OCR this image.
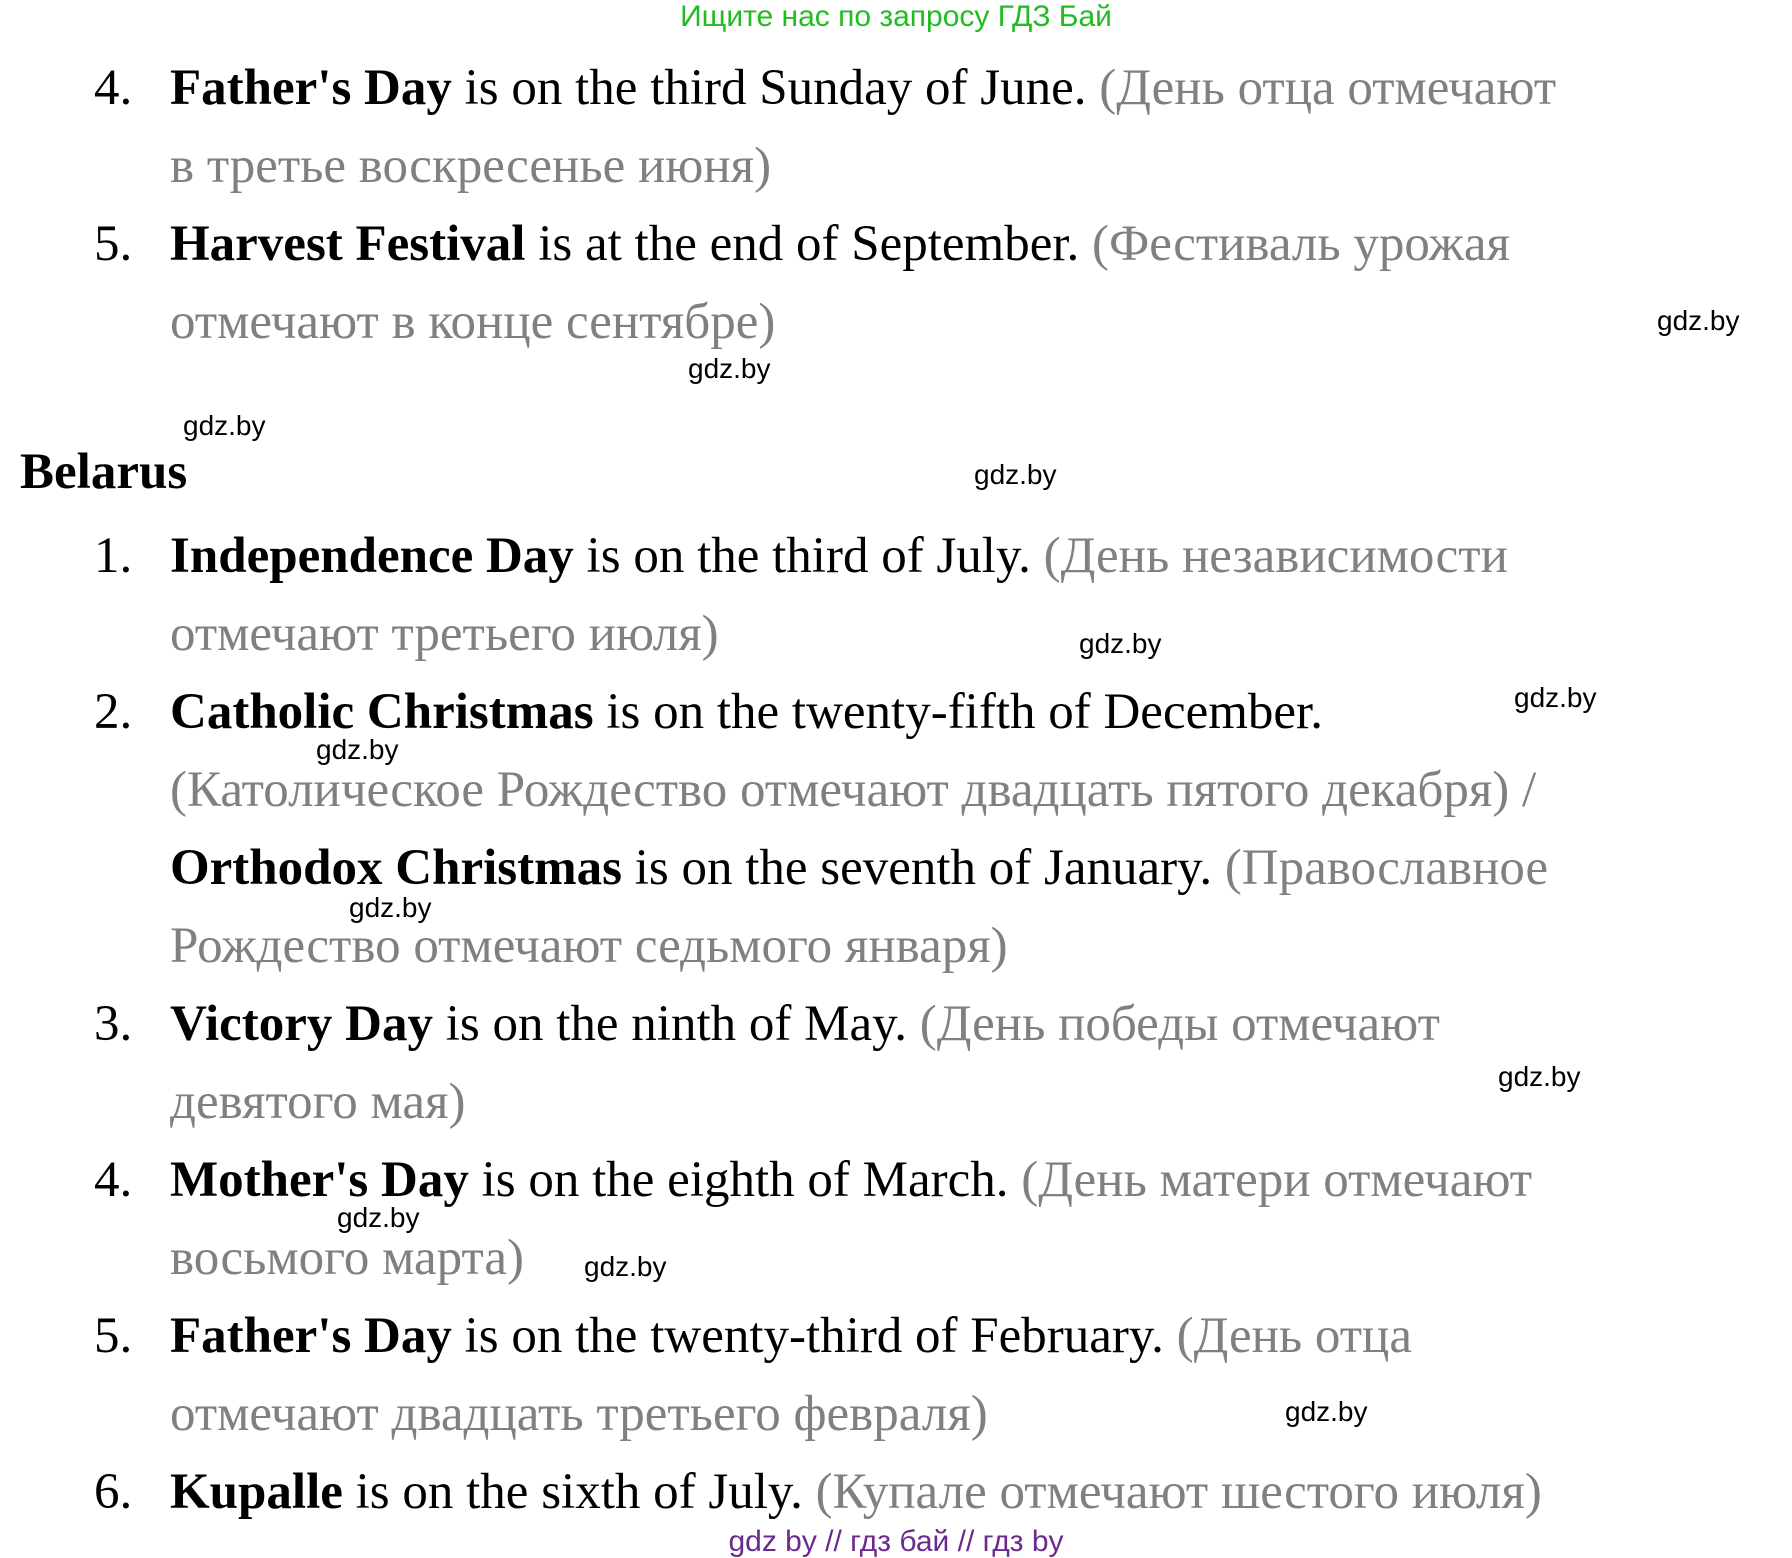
Ищите нас по запросу ГДЗ Бай
4. Father's Day is on the third Sunday of June. (День отца отмечают
в третье воскресенье июня)
5. Harvest Festival is at the end of September. (Фестиваль урожая
отмечают в конце сентябре)
Belarus
1. Independence Day is on the third of July. (День независимости
отмечают третьего июля)
2. Catholic Christmas is on the twenty-fifth of December.
(Католическое Рождество отмечают двадцать пятого декабря) /
Orthodox Christmas is on the seventh of January. (Православное
Рождество отмечают седьмого января)
3. Victory Day is on the ninth of May. (День победы отмечают
девятого мая)
4. Mother's Day is on the eighth of March. (День матери отмечают
восьмого марта)
5. Father's Day is on the twenty-third of February. (День отца
отмечают двадцать третьего февраля)
6. Kupalle is on the sixth of July. (Купале отмечают шестого июля)
gdz.by
gdz.by
gdz.by
gdz.by
gdz.by
gdz.by
gdz.by
gdz.by
gdz.by
gdz.by
gdz.by
gdz.by
gdz by // гдз бай // гдз by
